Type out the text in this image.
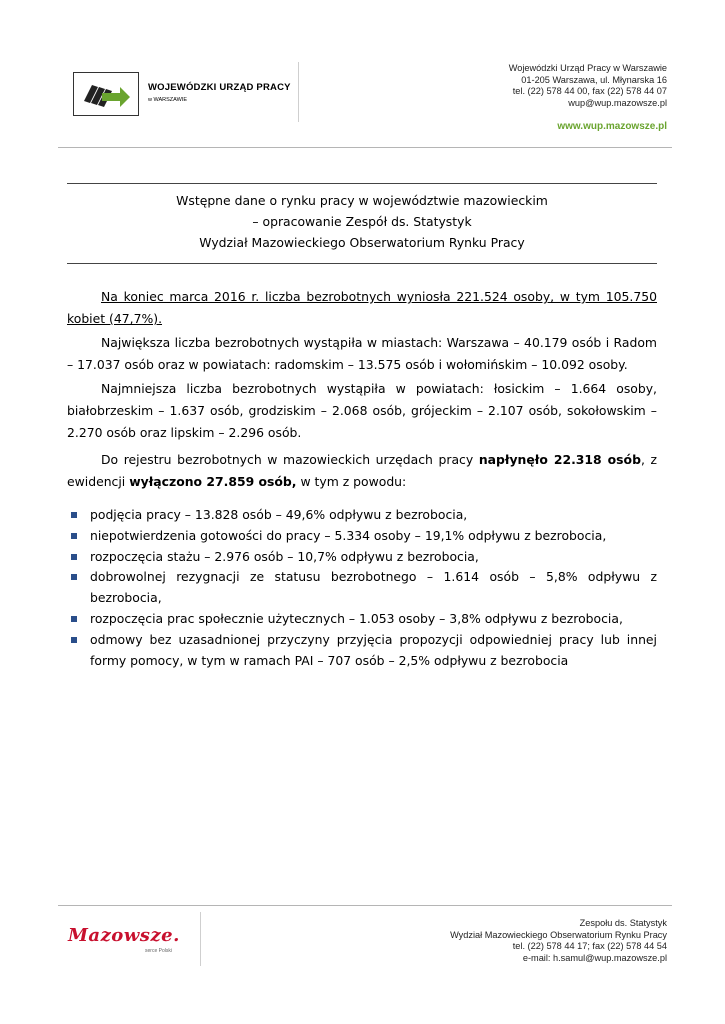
WOJEWÓDZKI URZĄD PRACY
w WARSZAWIE
Wojewódzki Urząd Pracy w Warszawie
01-205 Warszawa, ul. Młynarska 16
tel. (22) 578 44 00, fax (22) 578 44 07
wup@wup.mazowsze.pl
www.wup.mazowsze.pl
Wstępne dane o rynku pracy w województwie mazowieckim
– opracowanie Zespół ds. Statystyk
Wydział Mazowieckiego Obserwatorium Rynku Pracy
Na koniec marca 2016 r. liczba bezrobotnych wyniosła 221.524 osoby, w tym 105.750 kobiet (47,7%).
Największa liczba bezrobotnych wystąpiła w miastach: Warszawa – 40.179 osób i Radom – 17.037 osób oraz w powiatach: radomskim – 13.575 osób i wołomińskim – 10.092 osoby.
Najmniejsza liczba bezrobotnych wystąpiła w powiatach: łosickim – 1.664 osoby, białobrzeskim – 1.637 osób, grodziskim – 2.068 osób, grójeckim – 2.107 osób, sokołowskim – 2.270 osób oraz lipskim – 2.296 osób.
Do rejestru bezrobotnych w mazowieckich urzędach pracy napłynęło 22.318 osób, z ewidencji wyłączono 27.859 osób, w tym z powodu:
podjęcia pracy – 13.828 osób – 49,6% odpływu z bezrobocia,
niepotwierdzenia gotowości do pracy – 5.334 osoby – 19,1% odpływu z bezrobocia,
rozpoczęcia stażu – 2.976 osób – 10,7% odpływu z bezrobocia,
dobrowolnej rezygnacji ze statusu bezrobotnego – 1.614 osób – 5,8% odpływu z bezrobocia,
rozpoczęcia prac społecznie użytecznych – 1.053 osoby – 3,8% odpływu z bezrobocia,
odmowy bez uzasadnionej przyczyny przyjęcia propozycji odpowiedniej pracy lub innej formy pomocy, w tym w ramach PAI – 707 osób – 2,5% odpływu z bezrobocia
Mazowsze.
serce Polski
Zespołu ds. Statystyk
Wydział Mazowieckiego Obserwatorium Rynku Pracy
tel. (22) 578 44 17; fax (22) 578 44 54
e-mail: h.samul@wup.mazowsze.pl
